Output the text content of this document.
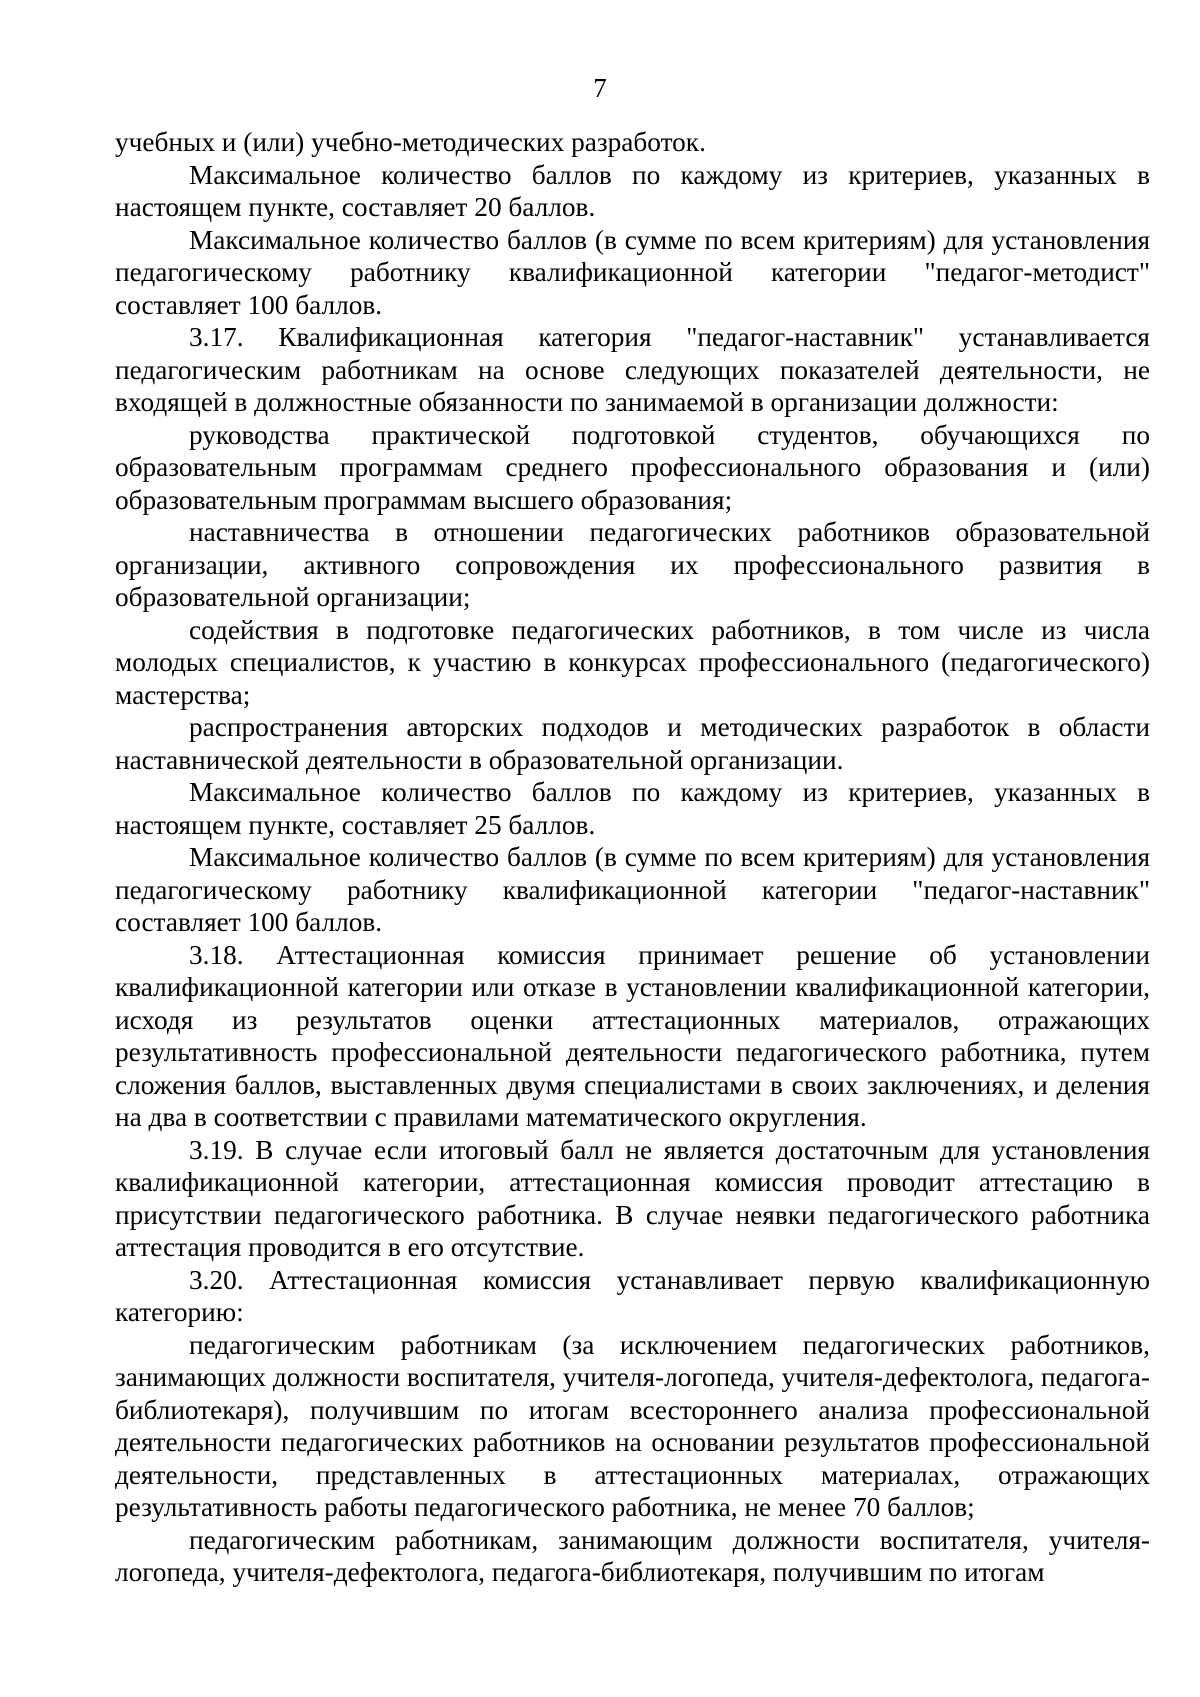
7

учебных и (или) учебно-методических разработок.

Максимальное количество баллов по каждому из критериев, указанных в настоящем пункте, составляет 20 баллов.

Максимальное количество баллов (в сумме по всем критериям) для установления педагогическому работнику квалификационной категории "педагог-методист" составляет 100 баллов.

3.17. Квалификационная категория "педагог-наставник" устанавливается педагогическим работникам на основе следующих показателей деятельности, не входящей в должностные обязанности по занимаемой в организации должности:

руководства практической подготовкой студентов, обучающихся по образовательным программам среднего профессионального образования и (или) образовательным программам высшего образования;

наставничества в отношении педагогических работников образовательной организации, активного сопровождения их профессионального развития в образовательной организации;

содействия в подготовке педагогических работников, в том числе из числа молодых специалистов, к участию в конкурсах профессионального (педагогического) мастерства;

распространения авторских подходов и методических разработок в области наставнической деятельности в образовательной организации.

Максимальное количество баллов по каждому из критериев, указанных в настоящем пункте, составляет 25 баллов.

Максимальное количество баллов (в сумме по всем критериям) для установления педагогическому работнику квалификационной категории "педагог-наставник" составляет 100 баллов.

3.18. Аттестационная комиссия принимает решение об установлении квалификационной категории или отказе в установлении квалификационной категории, исходя из результатов оценки аттестационных материалов, отражающих результативность профессиональной деятельности педагогического работника, путем сложения баллов, выставленных двумя специалистами в своих заключениях, и деления на два в соответствии с правилами математического округления.

3.19. В случае если итоговый балл не является достаточным для установления квалификационной категории, аттестационная комиссия проводит аттестацию в присутствии педагогического работника. В случае неявки педагогического работника аттестация проводится в его отсутствие.

3.20. Аттестационная комиссия устанавливает первую квалификационную категорию:

педагогическим работникам (за исключением педагогических работников, занимающих должности воспитателя, учителя-логопеда, учителя-дефектолога, педагога-библиотекаря), получившим по итогам всестороннего анализа профессиональной деятельности педагогических работников на основании результатов профессиональной деятельности, представленных в аттестационных материалах, отражающих результативность работы педагогического работника, не менее 70 баллов;

педагогическим работникам, занимающим должности воспитателя, учителя-логопеда, учителя-дефектолога, педагога-библиотекаря, получившим по итогам
